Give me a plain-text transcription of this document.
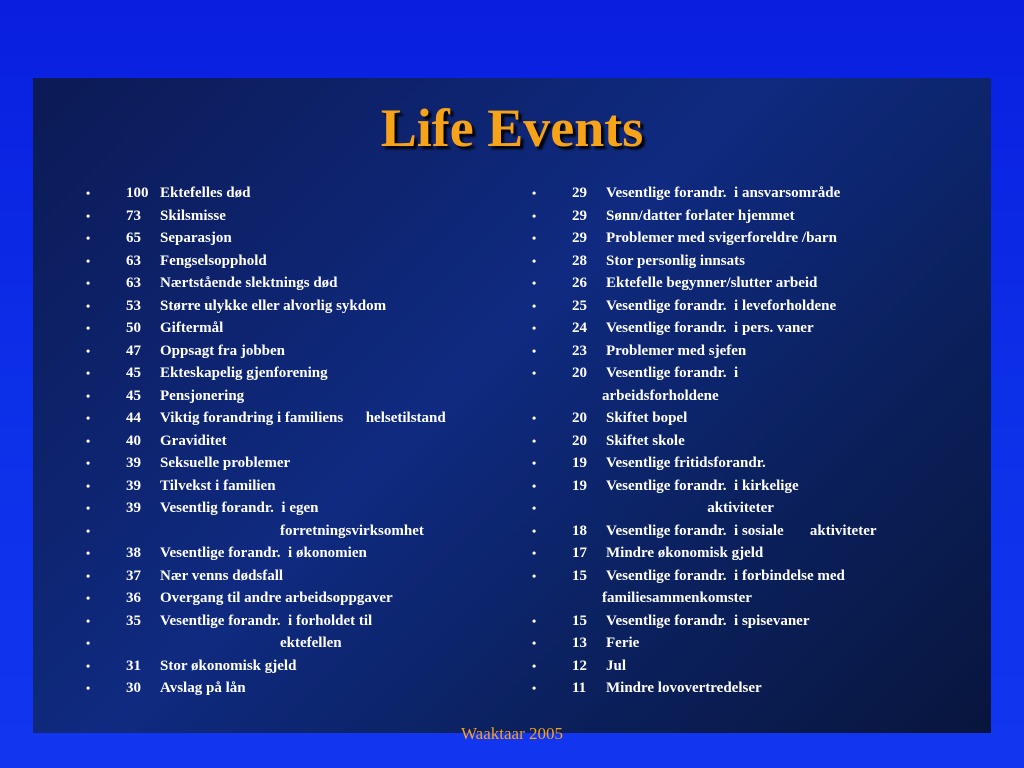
Life Events
• 100 Ektefelles død
• 73 Skilsmisse
• 65 Separasjon
• 63 Fengselsopphold
• 63 Nærtstående slektnings død
• 53 Større ulykke eller alvorlig sykdom
• 50 Giftermål
• 47 Oppsagt fra jobben
• 45 Ekteskapelig gjenforening
• 45 Pensjonering
• 44 Viktig forandring i familiens      helsetilstand
• 40 Graviditet
• 39 Seksuelle problemer
• 39 Tilvekst i familien
• 39 Vesentlig forandr.  i egen
•	forretningsvirksomhet
• 38 Vesentlige forandr.  i økonomien
• 37 Nær venns dødsfall
• 36 Overgang til andre arbeidsoppgaver
• 35 Vesentlige forandr.  i forholdet til
•	ektefellen
• 31 Stor økonomisk gjeld
• 30 Avslag på lån
• 29 Vesentlige forandr.  i ansvarsområde
• 29 Sønn/datter forlater hjemmet
• 29 Problemer med svigerforeldre /barn
• 28 Stor personlig innsats
• 26 Ektefelle begynner/slutter arbeid
• 25 Vesentlige forandr.  i leveforholdene
• 24 Vesentlige forandr.  i pers. vaner
• 23 Problemer med sjefen
• 20 Vesentlige forandr.  i
arbeidsforholdene
• 20 Skiftet bopel
• 20 Skiftet skole
• 19 Vesentlige fritidsforandr.
• 19 Vesentlige forandr.  i kirkelige
•	aktiviteter
• 18 Vesentlige forandr.  i sosiale       aktiviteter
• 17 Mindre økonomisk gjeld
• 15 Vesentlige forandr.  i forbindelse med
familiesammenkomster
• 15 Vesentlige forandr.  i spisevaner
• 13 Ferie
• 12 Jul
• 11 Mindre lovovertredelser
Waaktaar 2005
